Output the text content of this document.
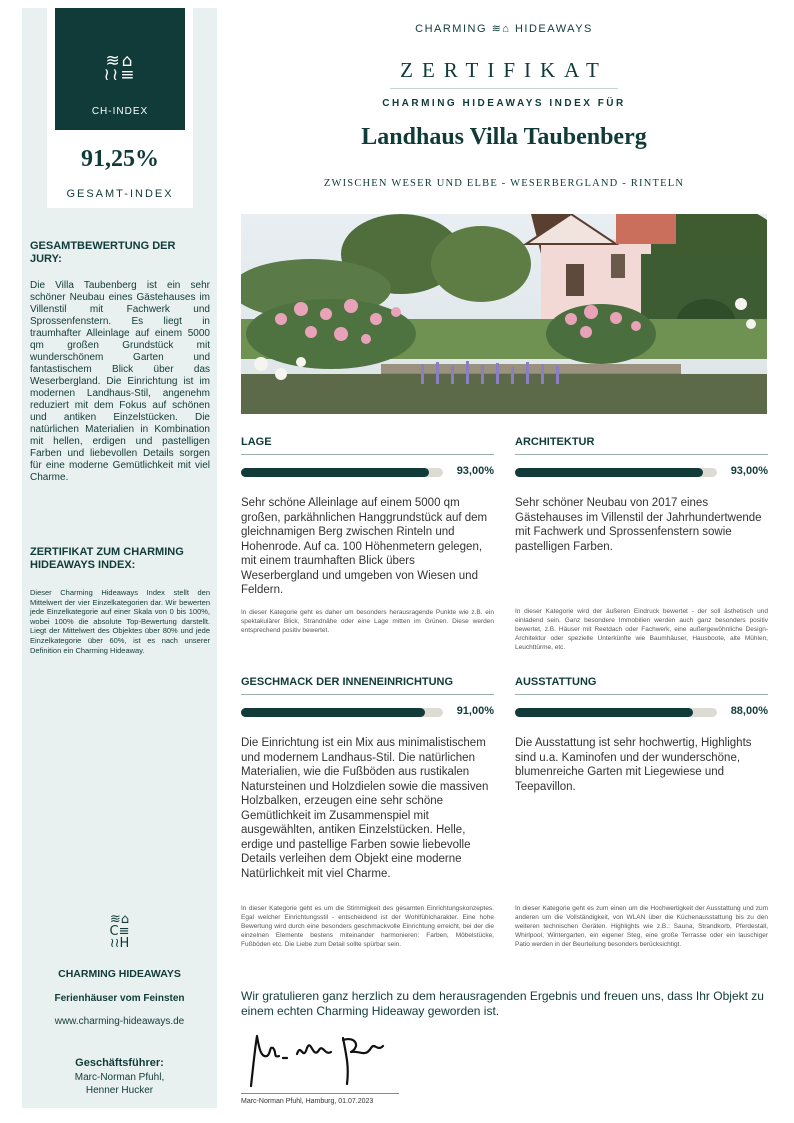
≋⌂
≀≀≡
CH-INDEX
91,25%
GESAMT-INDEX
GESAMTBEWERTUNG DER JURY:
Die Villa Taubenberg ist ein sehr schöner Neubau eines Gästehauses im Villenstil mit Fachwerk und Sprossenfenstern. Es liegt in traumhafter Alleinlage auf einem 5000 qm großen Grundstück mit wunderschönem Garten und fantastischem Blick über das Weserbergland. Die Einrichtung ist im modernen Landhaus-Stil, angenehm reduziert mit dem Fokus auf schönen und antiken Einzelstücken. Die natürlichen Materialien in Kombination mit hellen, erdigen und pastelligen Farben und liebevollen Details sorgen für eine moderne Gemütlichkeit mit viel Charme.
ZERTIFIKAT ZUM CHARMING HIDEAWAYS INDEX:
Dieser Charming Hideaways Index stellt den Mittelwert der vier Einzelkategorien dar. Wir bewerten jede Einzelkategorie auf einer Skala von 0 bis 100%, wobei 100% die absolute Top-Bewertung darstellt. Liegt der Mittelwert des Objektes über 80% und jede Einzelkategorie über 60%, ist es nach unserer Definition ein Charming Hideaway.
≋⌂
C≡
≀≀H
CHARMING HIDEAWAYS
Ferienhäuser vom Feinsten
www.charming-hideaways.de
Geschäftsführer:
Marc-Norman Pfuhl,
Henner Hucker
CHARMING ≋⌂ HIDEAWAYS
ZERTIFIKAT
CHARMING HIDEAWAYS INDEX FÜR
Landhaus Villa Taubenberg
ZWISCHEN WESER UND ELBE - WESERBERGLAND - RINTELN
LAGE
93,00%
Sehr schöne Alleinlage auf einem 5000 qm großen, parkähnlichen Hanggrundstück auf dem gleichnamigen Berg zwischen Rinteln und Hohenrode. Auf ca. 100 Höhenmetern gelegen, mit einem traumhaften Blick übers Weserbergland und umgeben von Wiesen und Feldern.
In dieser Kategorie geht es daher um besonders herausragende Punkte wie z.B. ein spektakulärer Blick, Strandnähe oder eine Lage mitten im Grünen. Diese werden entsprechend positiv bewertet.
ARCHITEKTUR
93,00%
Sehr schöner Neubau von 2017 eines Gästehauses im Villenstil der Jahrhundertwende mit Fachwerk und Sprossenfenstern sowie pastelligen Farben.
In dieser Kategorie wird der äußeren Eindruck bewertet - der soll ästhetisch und einladend sein. Ganz besondere Immobilien werden auch ganz besonders positiv bewertet, z.B. Häuser mit Reetdach oder Fachwerk, eine außergewöhnliche Design-Architektur oder spezielle Unterkünfte wie Baumhäuser, Hausboote, alte Mühlen, Leuchttürme, etc.
GESCHMACK DER INNENEINRICHTUNG
91,00%
Die Einrichtung ist ein Mix aus minimalistischem und modernem Landhaus-Stil. Die natürlichen Materialien, wie die Fußböden aus rustikalen Natursteinen und Holzdielen sowie die massiven Holzbalken, erzeugen eine sehr schöne Gemütlichkeit im Zusammenspiel mit ausgewählten, antiken Einzelstücken. Helle, erdige und pastellige Farben sowie liebevolle Details verleihen dem Objekt eine moderne Natürlichkeit mit viel Charme.
In dieser Kategorie geht es um die Stimmigkeit des gesamten Einrichtungskonzeptes. Egal welcher Einrichtungsstil - entscheidend ist der Wohlfühlcharakter. Eine hohe Bewertung wird durch eine besonders geschmackvolle Einrichtung erreicht, bei der die einzelnen Elemente bestens miteinander harmonieren: Farben, Möbelstücke, Fußböden etc. Die Liebe zum Detail sollte spürbar sein.
AUSSTATTUNG
88,00%
Die Ausstattung ist sehr hochwertig, Highlights sind u.a. Kaminofen und der wunderschöne, blumenreiche Garten mit Liegewiese und Teepavillon.
In dieser Kategorie geht es zum einen um die Hochwertigkeit der Ausstattung und zum anderen um die Vollständigkeit, von WLAN über die Küchenausstattung bis zu den weiteren technischen Geräten. Highlights wie z.B.: Sauna, Strandkorb, Pferdestall, Whirlpool, Wintergarten, ein eigener Steg, eine große Terrasse oder ein lauschiger Patio werden in der Beurteilung besonders berücksichtigt.
Wir gratulieren ganz herzlich zu dem herausragenden Ergebnis und freuen uns, dass Ihr Objekt zu einem echten Charming Hideaway geworden ist.
Marc-Norman Pfuhl, Hamburg, 01.07.2023
